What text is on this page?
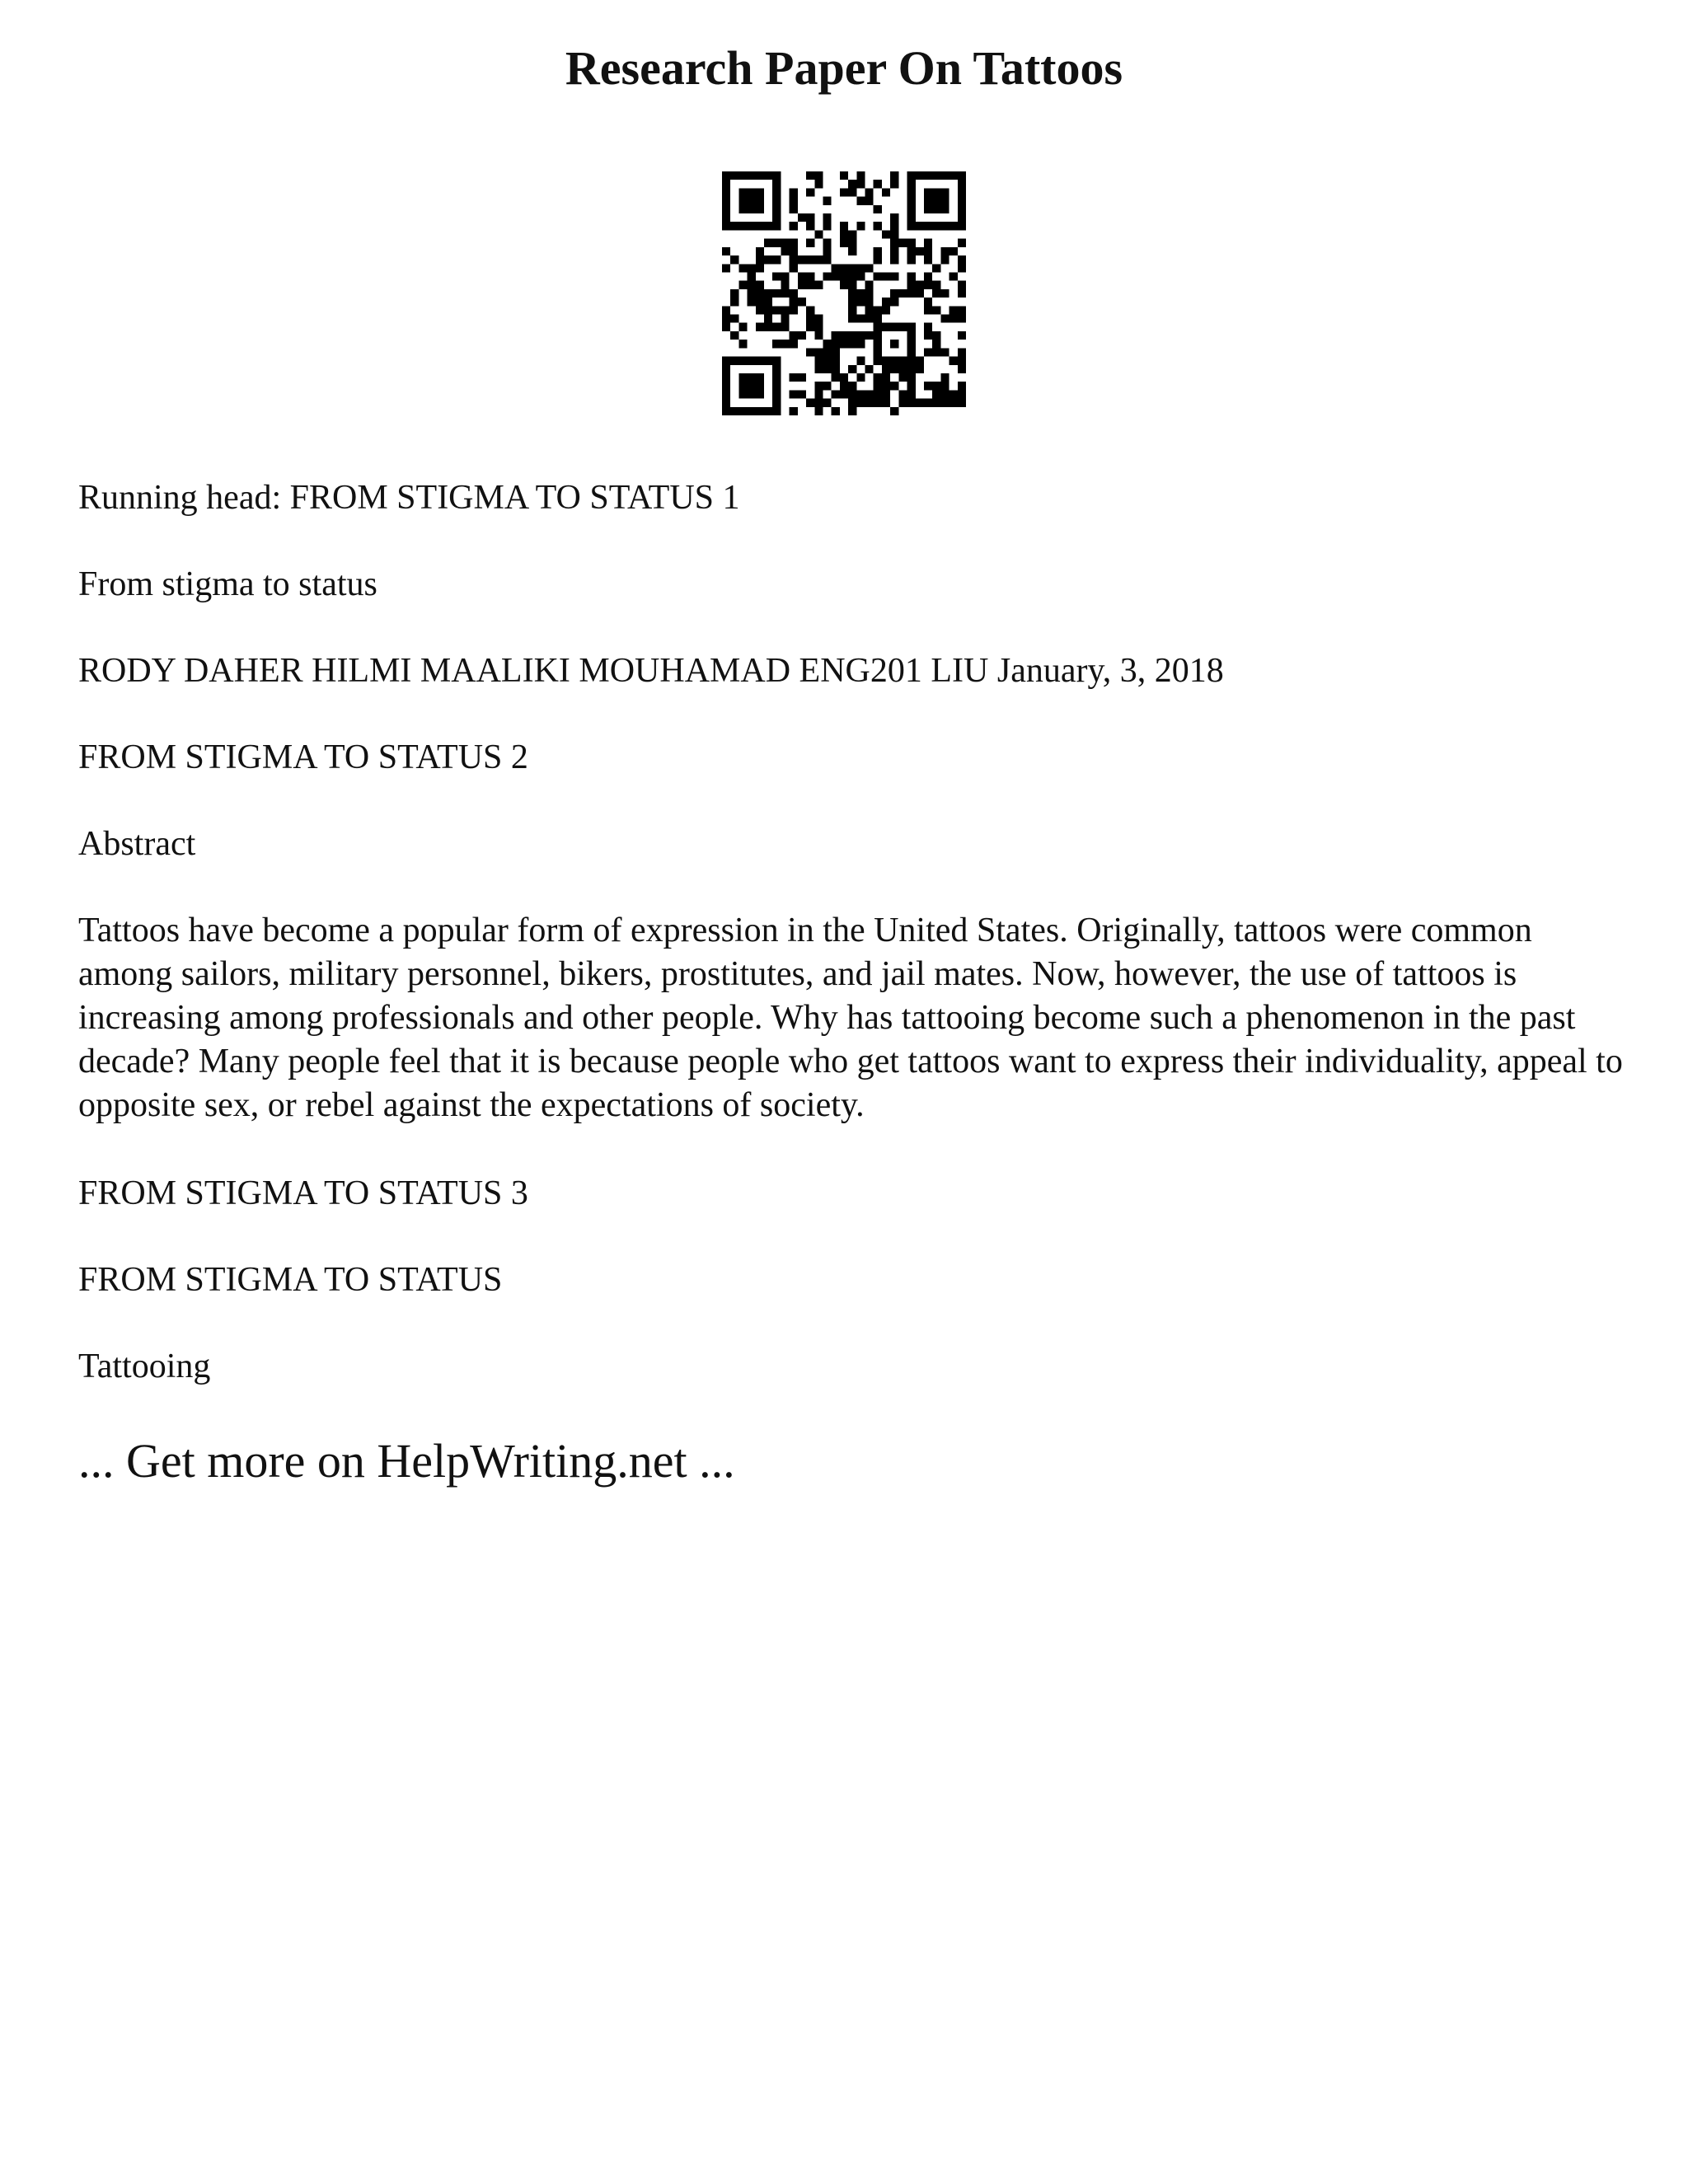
Research Paper On Tattoos

Running head: FROM STIGMA TO STATUS 1

From stigma to status

RODY DAHER HILMI MAALIKI MOUHAMAD ENG201 LIU January, 3, 2018

FROM STIGMA TO STATUS 2

Abstract

Tattoos have become a popular form of expression in the United States. Originally, tattoos were common among sailors, military personnel, bikers, prostitutes, and jail mates. Now, however, the use of tattoos is increasing among professionals and other people. Why has tattooing become such a phenomenon in the past decade? Many people feel that it is because people who get tattoos want to express their individuality, appeal to opposite sex, or rebel against the expectations of society.

FROM STIGMA TO STATUS 3

FROM STIGMA TO STATUS

Tattooing

... Get more on HelpWriting.net ...
